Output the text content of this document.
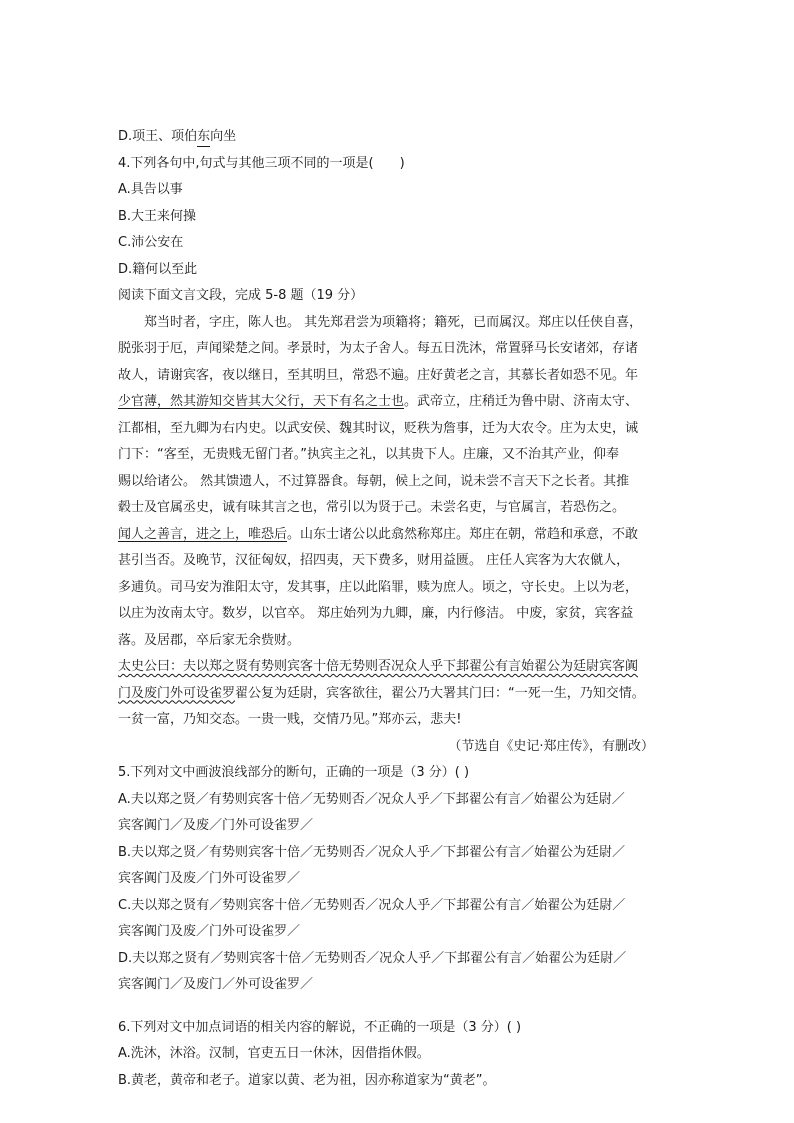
D.项王、项伯东向坐

4.下列各句中,句式与其他三项不同的一项是(　　)

A.具告以事

B.大王来何操

C.沛公安在

D.籍何以至此

阅读下面文言文段，完成 5-8 题（19 分）

郑当时者，字庄，陈人也。 其先郑君尝为项籍将；籍死，已而属汉。郑庄以任侠自喜，

脱张羽于厄，声闻梁楚之间。孝景时，为太子舍人。每五日洗沐，常置驿马长安诸郊，存诸

故人，请谢宾客，夜以继日，至其明旦，常恐不遍。庄好黄老之言，其慕长者如恐不见。年

少官薄，然其游知交皆其大父行，天下有名之士也。武帝立，庄稍迁为鲁中尉、济南太守、

江都相，至九卿为右内史。以武安侯、魏其时议，贬秩为詹事，迁为大农令。庄为太史，诫

门下：“客至，无贵贱无留门者。”执宾主之礼，以其贵下人。庄廉，又不治其产业，仰奉

赐以给诸公。 然其馈遗人，不过算器食。每朝，候上之间，说未尝不言天下之长者。其推

毂士及官属丞史，诚有味其言之也，常引以为贤于己。未尝名吏，与官属言，若恐伤之。

闻人之善言，进之上，唯恐后。山东士诸公以此翕然称郑庄。郑庄在朝，常趋和承意，不敢

甚引当否。及晚节，汉征匈奴，招四夷，天下费多，财用益匮。 庄任人宾客为大农僦人，

多逋负。司马安为淮阳太守，发其事，庄以此陷罪，赎为庶人。顷之，守长史。上以为老，

以庄为汝南太守。数岁，以官卒。 郑庄始列为九卿，廉，内行修洁。 中废，家贫，宾客益

落。及居郡，卒后家无余赀财。

太史公曰：夫以郑之贤有势则宾客十倍无势则否况众人乎下邽翟公有言始翟公为廷尉宾客阗

门及废门外可设雀罗翟公复为廷尉，宾客欲往，翟公乃大署其门曰：“一死一生，乃知交情。

一贫一富，乃知交态。一贵一贱，交情乃见。”郑亦云，悲夫!

（节选自《史记·郑庄传》，有删改）

5.下列对文中画波浪线部分的断句，正确的一项是（3 分）( )

A.夫以郑之贤／有势则宾客十倍／无势则否／况众人乎／下邽翟公有言／始翟公为廷尉／

宾客阗门／及废／门外可设雀罗／

B.夫以郑之贤／有势则宾客十倍／无势则否／况众人乎／下邽翟公有言／始翟公为廷尉／

宾客阗门及废／门外可设雀罗／

C.夫以郑之贤有／势则宾客十倍／无势则否／况众人乎／下邽翟公有言／始翟公为廷尉／

宾客阗门及废／门外可设雀罗／

D.夫以郑之贤有／势则宾客十倍／无势则否／况众人乎／下邽翟公有言／始翟公为廷尉／

宾客阗门／及废门／外可设雀罗／

6.下列对文中加点词语的相关内容的解说，不正确的一项是（3 分）( )

A.洗沐，沐浴。汉制，官吏五日一休沐，因借指休假。

B.黄老，黄帝和老子。道家以黄、老为祖，因亦称道家为“黄老”。
